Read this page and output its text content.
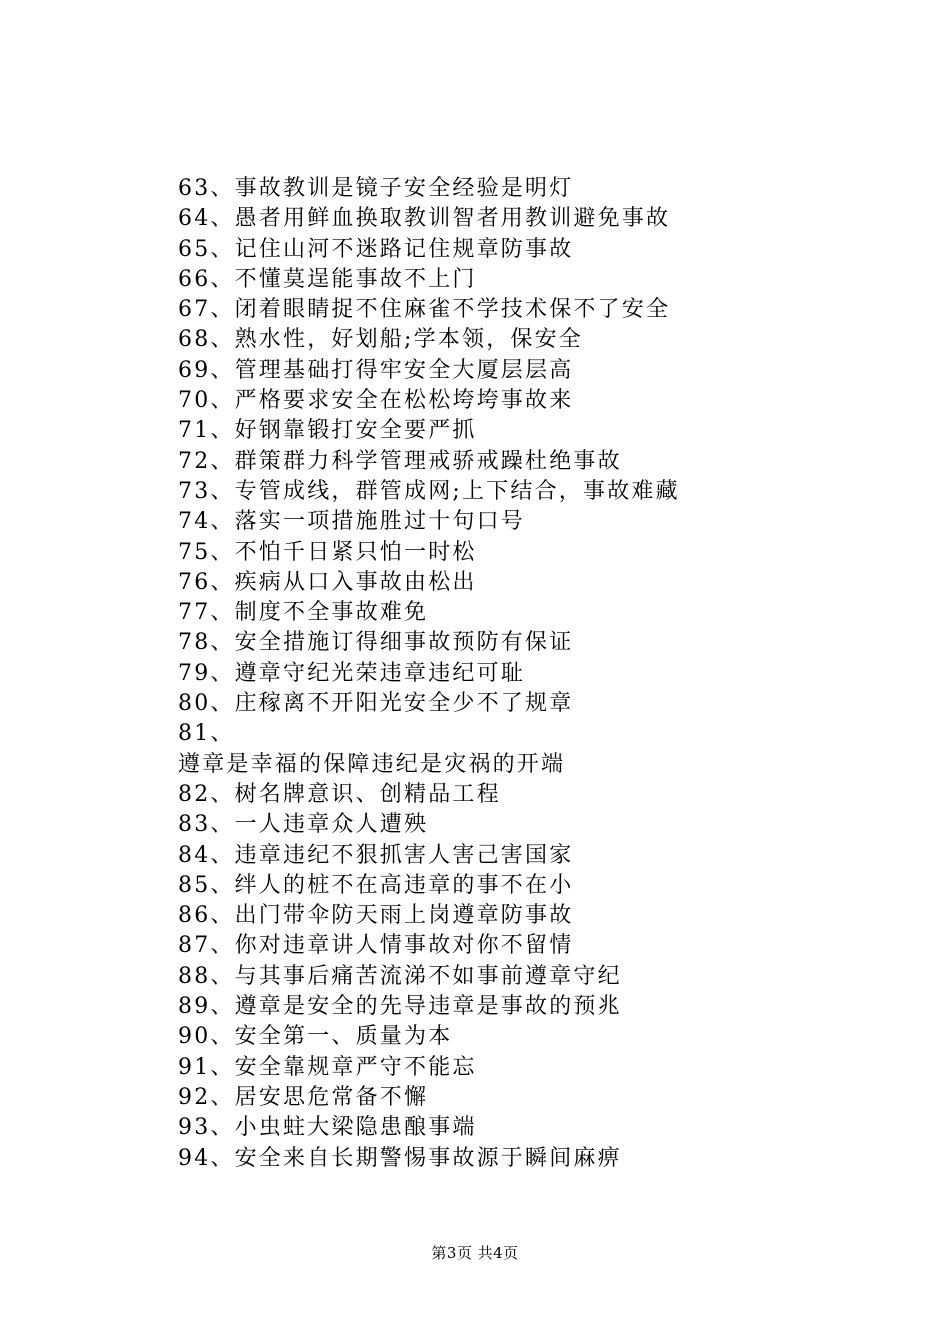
63、事故教训是镜子安全经验是明灯
64、愚者用鲜血换取教训智者用教训避免事故
65、记住山河不迷路记住规章防事故
66、不懂莫逞能事故不上门
67、闭着眼睛捉不住麻雀不学技术保不了安全
68、熟水性，好划船;学本领，保安全
69、管理基础打得牢安全大厦层层高
70、严格要求安全在松松垮垮事故来
71、好钢靠锻打安全要严抓
72、群策群力科学管理戒骄戒躁杜绝事故
73、专管成线，群管成网;上下结合，事故难藏
74、落实一项措施胜过十句口号
75、不怕千日紧只怕一时松
76、疾病从口入事故由松出
77、制度不全事故难免
78、安全措施订得细事故预防有保证
79、遵章守纪光荣违章违纪可耻
80、庄稼离不开阳光安全少不了规章
81、
遵章是幸福的保障违纪是灾祸的开端
82、树名牌意识、创精品工程
83、一人违章众人遭殃
84、违章违纪不狠抓害人害己害国家
85、绊人的桩不在高违章的事不在小
86、出门带伞防天雨上岗遵章防事故
87、你对违章讲人情事故对你不留情
88、与其事后痛苦流涕不如事前遵章守纪
89、遵章是安全的先导违章是事故的预兆
90、安全第一、质量为本
91、安全靠规章严守不能忘
92、居安思危常备不懈
93、小虫蛀大梁隐患酿事端
94、安全来自长期警惕事故源于瞬间麻痹
第3页 共4页
